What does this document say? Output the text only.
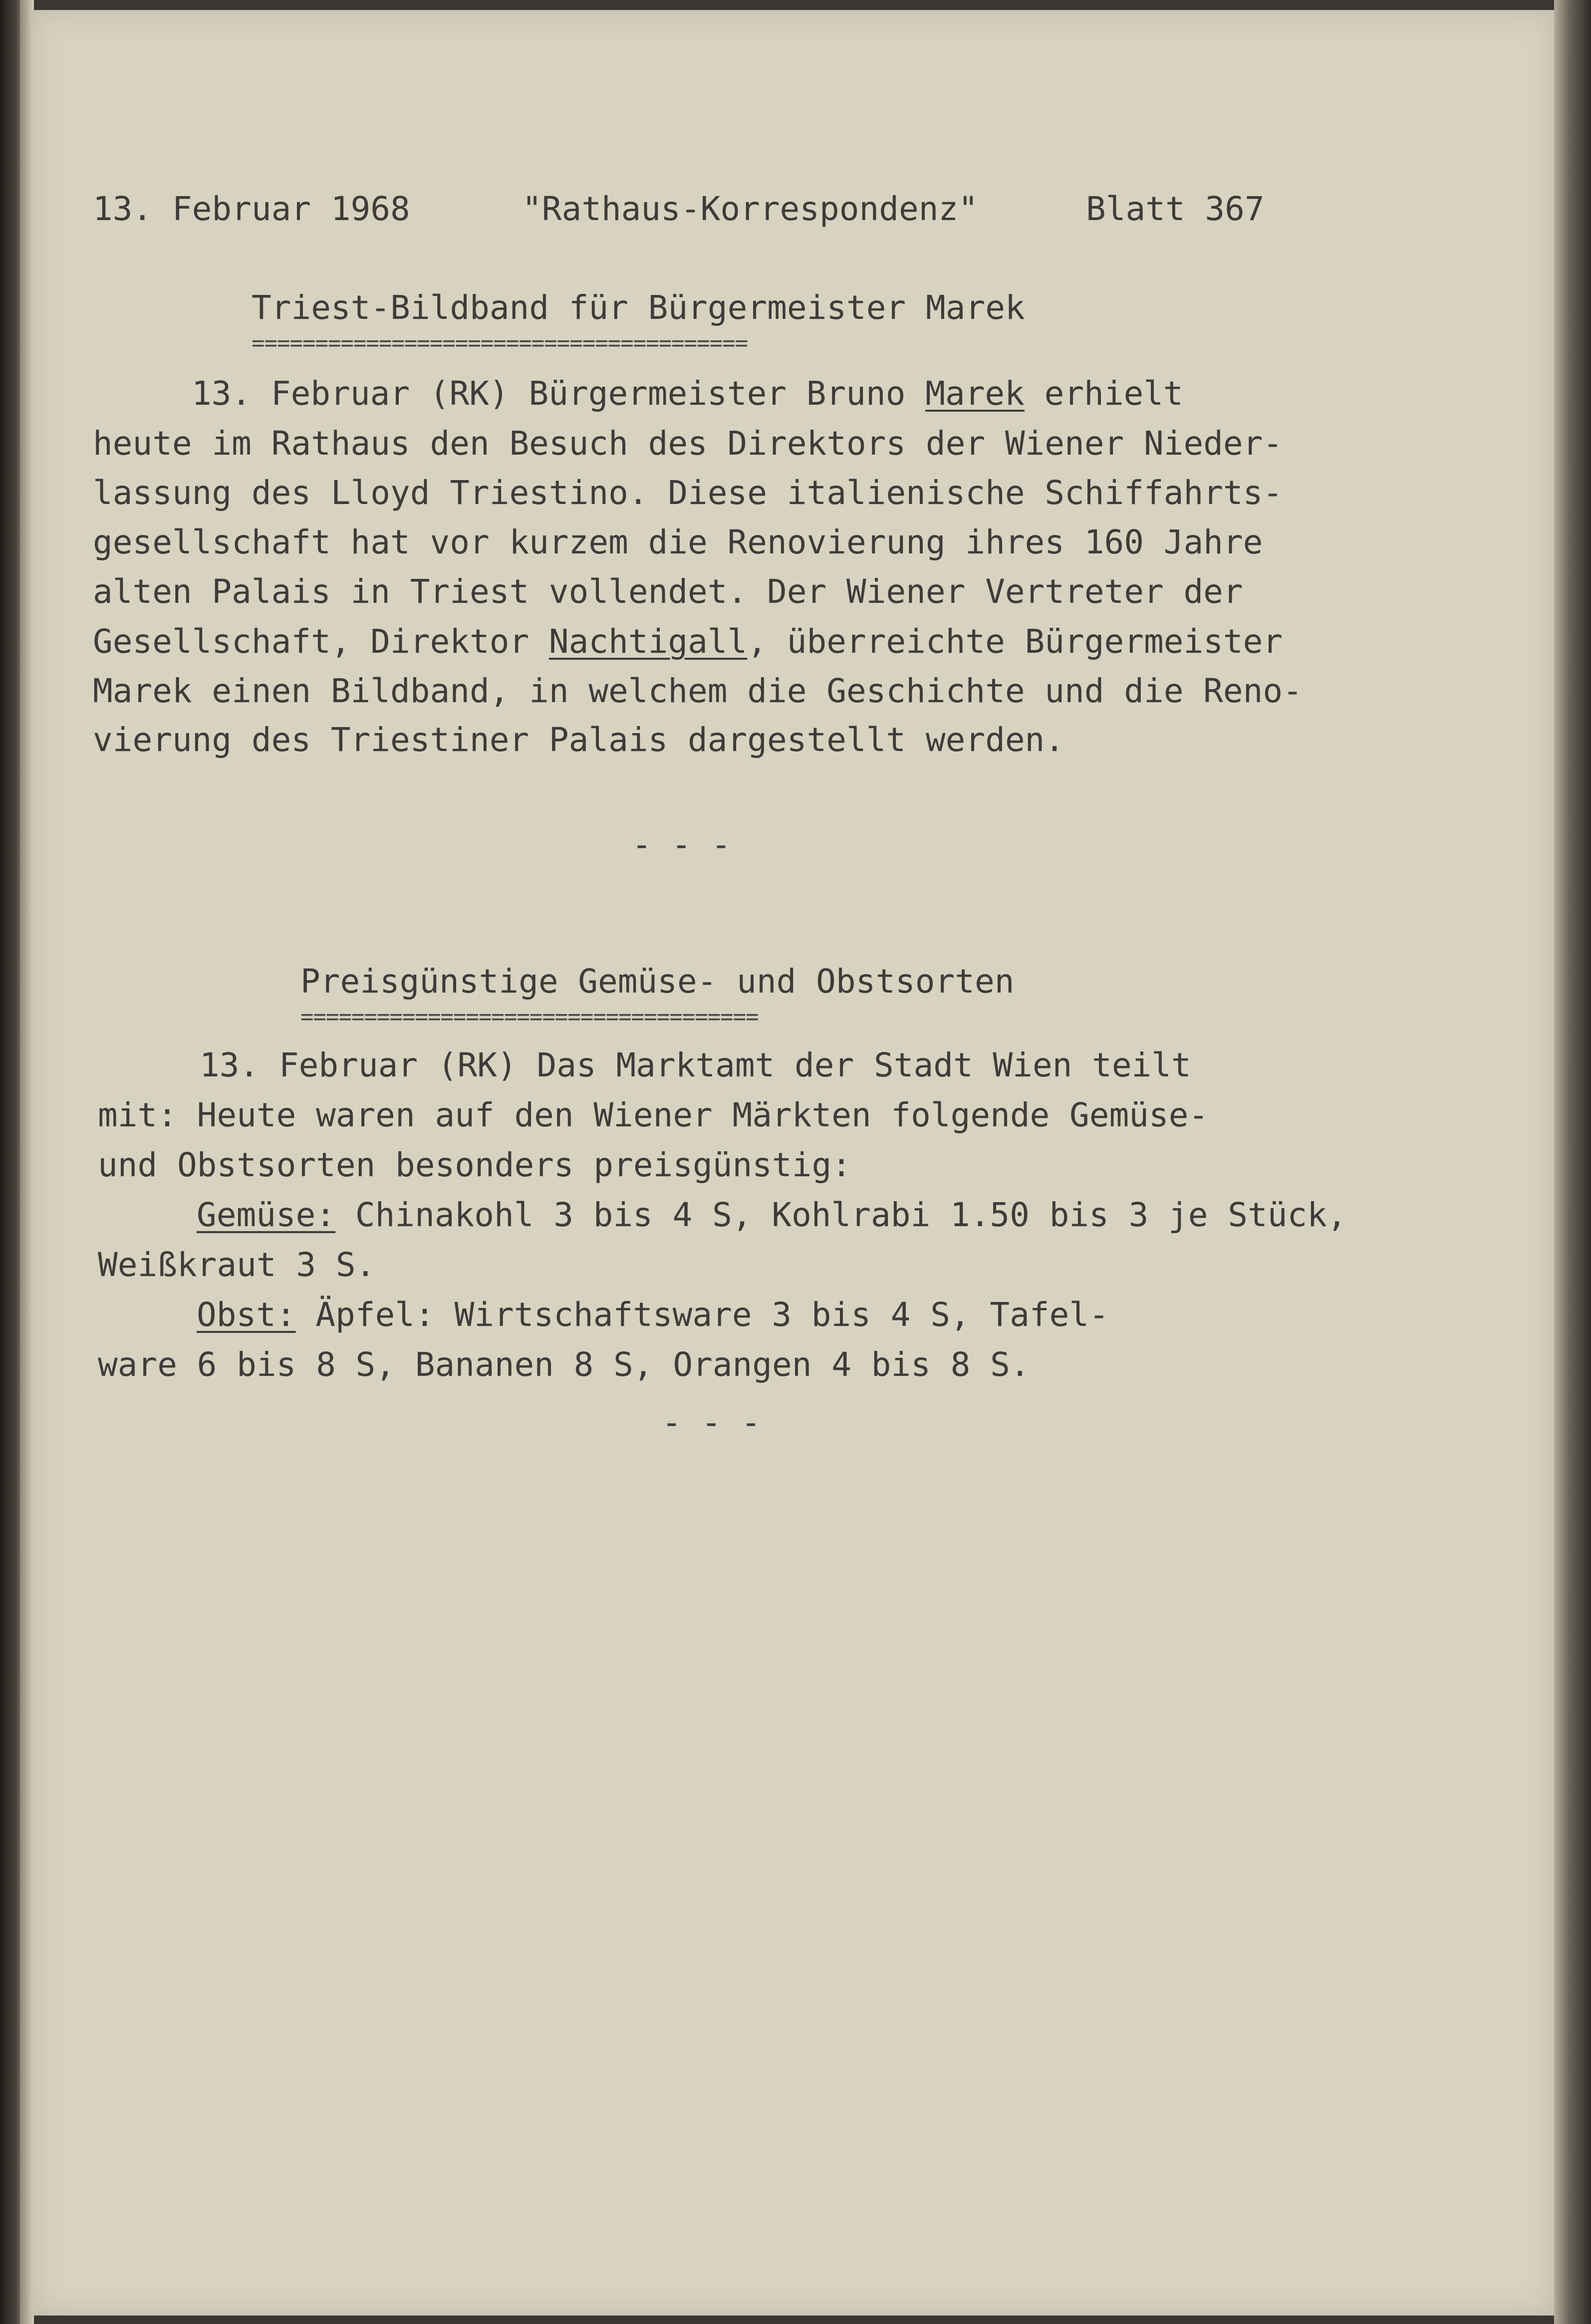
13. Februar 1968	"Rathaus-Korrespondenz"	Blatt 367
Triest-Bildband für Bürgermeister Marek
=======================================
13. Februar (RK) Bürgermeister Bruno Marek erhielt
heute im Rathaus den Besuch des Direktors der Wiener Nieder-
lassung des Lloyd Triestino. Diese italienische Schiffahrts-
gesellschaft hat vor kurzem die Renovierung ihres 160 Jahre
alten Palais in Triest vollendet. Der Wiener Vertreter der
Gesellschaft, Direktor Nachtigall, überreichte Bürgermeister
Marek einen Bildband, in welchem die Geschichte und die Reno-
vierung des Triestiner Palais dargestellt werden.
- - -
Preisgünstige Gemüse- und Obstsorten
====================================
13. Februar (RK) Das Marktamt der Stadt Wien teilt
mit: Heute waren auf den Wiener Märkten folgende Gemüse-
und Obstsorten besonders preisgünstig:
Gemüse: Chinakohl 3 bis 4 S, Kohlrabi 1.50 bis 3 je Stück,
Weißkraut 3 S.
Obst: Äpfel: Wirtschaftsware 3 bis 4 S, Tafel-
ware 6 bis 8 S, Bananen 8 S, Orangen 4 bis 8 S.
- - -
